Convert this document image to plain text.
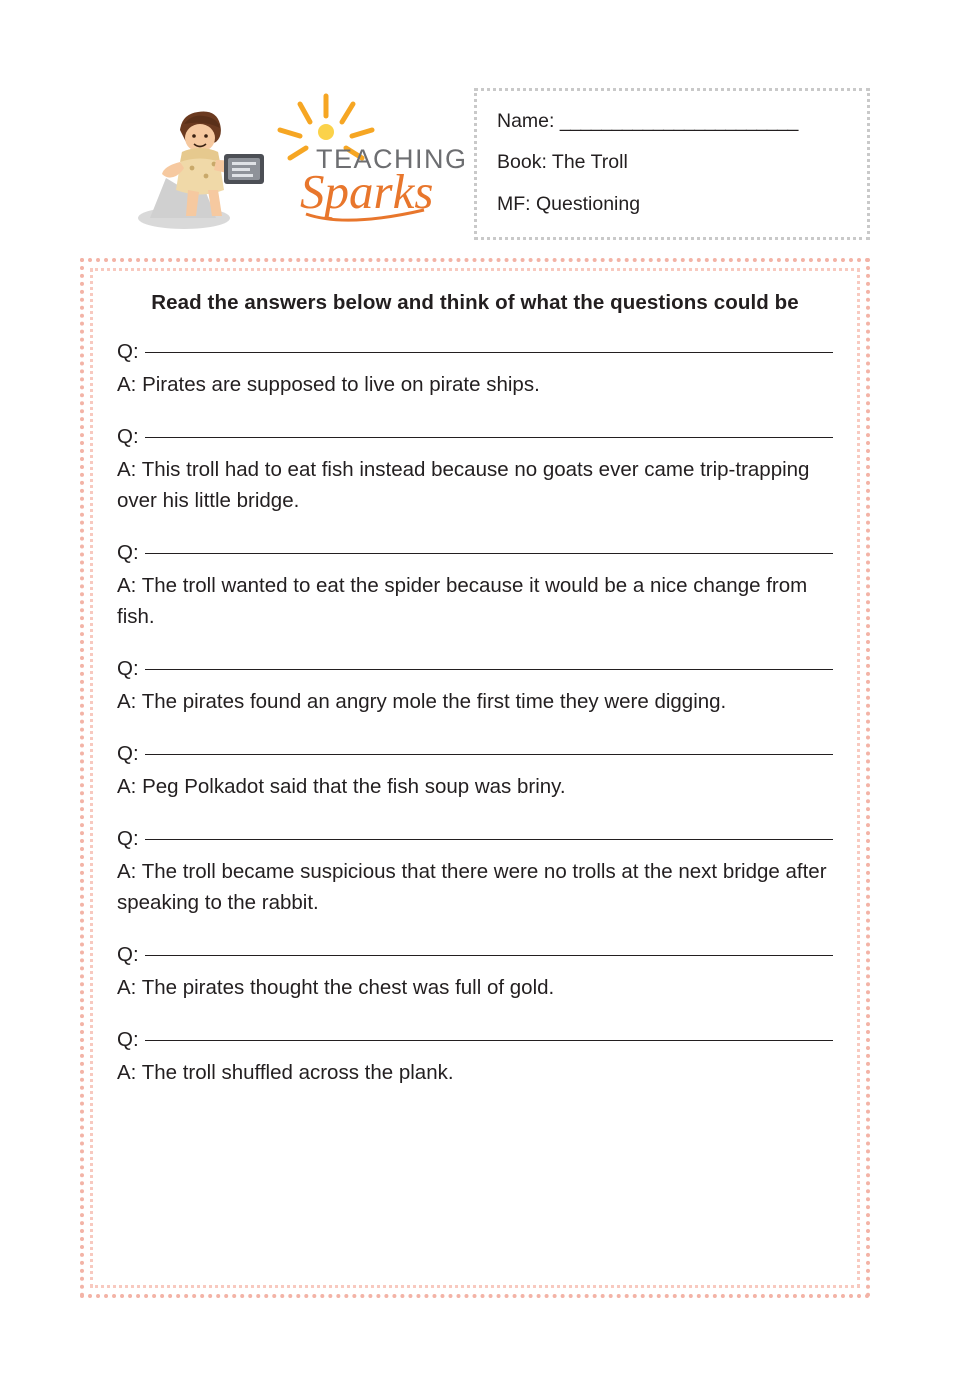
TEACHING
Sparks
Name: _______________________
Book: The Troll
MF: Questioning
Read the answers below and think of what the questions could be
Q:
A: Pirates are supposed to live on pirate ships.
Q:
A: This troll had to eat fish instead because no goats ever came trip-trapping over his little bridge.
Q:
A: The troll wanted to eat the spider because it would be a nice change from fish.
Q:
A: The pirates found an angry mole the first time they were digging.
Q:
A: Peg Polkadot said that the fish soup was briny.
Q:
A: The troll became suspicious that there were no trolls at the next bridge after speaking to the rabbit.
Q:
A: The pirates thought the chest was full of gold.
Q:
A: The troll shuffled across the plank.
